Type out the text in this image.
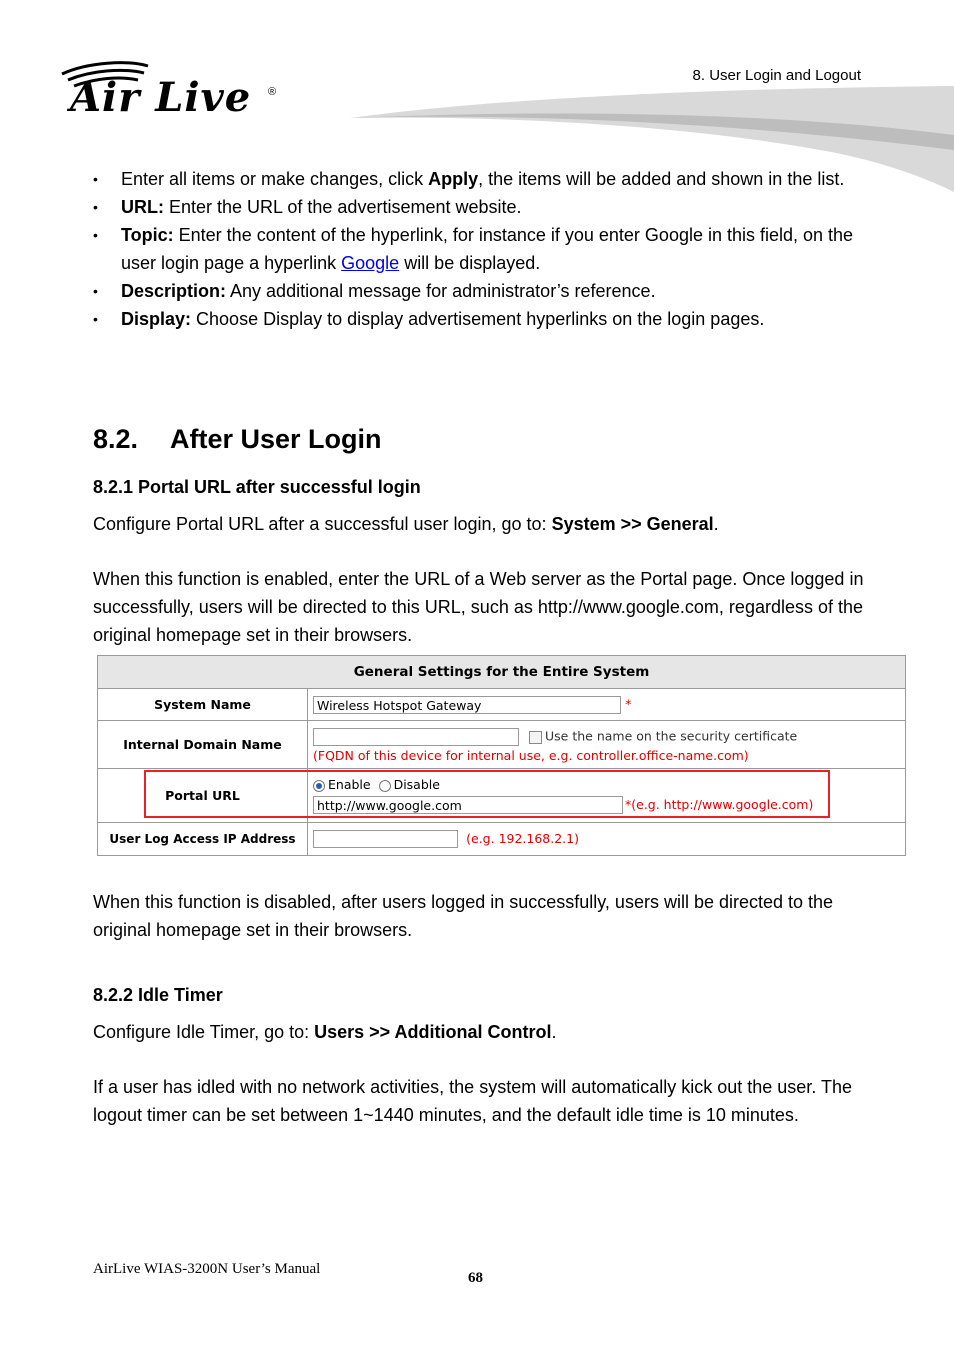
Air Live ®
8. User Login and Logout
• Enter all items or make changes, click Apply, the items will be added and shown in the list.
• URL: Enter the URL of the advertisement website.
• Topic: Enter the content of the hyperlink, for instance if you enter Google in this field, on the user login page a hyperlink Google will be displayed.
• Description: Any additional message for administrator’s reference.
• Display: Choose Display to display advertisement hyperlinks on the login pages.
8.2. After User Login
8.2.1 Portal URL after successful login

Configure Portal URL after a successful user login, go to: System >> General.

When this function is enabled, enter the URL of a Web server as the Portal page. Once logged in successfully, users will be directed to this URL, such as http://www.google.com, regardless of the original homepage set in their browsers.

General Settings for the Entire System	
System Name	Wireless Hotspot Gateway *
Internal Domain Name	Use the name on the security certificate
(FQDN of this device for internal use, e.g. controller.office-name.com)

Portal URL	Enable Disable
http://www.google.com *(e.g. http://www.google.com)

User Log Access IP Address	(e.g. 192.168.2.1)

When this function is disabled, after users logged in successfully, users will be directed to the original homepage set in their browsers.

8.2.2 Idle Timer

Configure Idle Timer, go to: Users >> Additional Control.

If a user has idled with no network activities, the system will automatically kick out the user. The logout timer can be set between 1~1440 minutes, and the default idle time is 10 minutes.

AirLive WIAS-3200N User’s Manual
68
